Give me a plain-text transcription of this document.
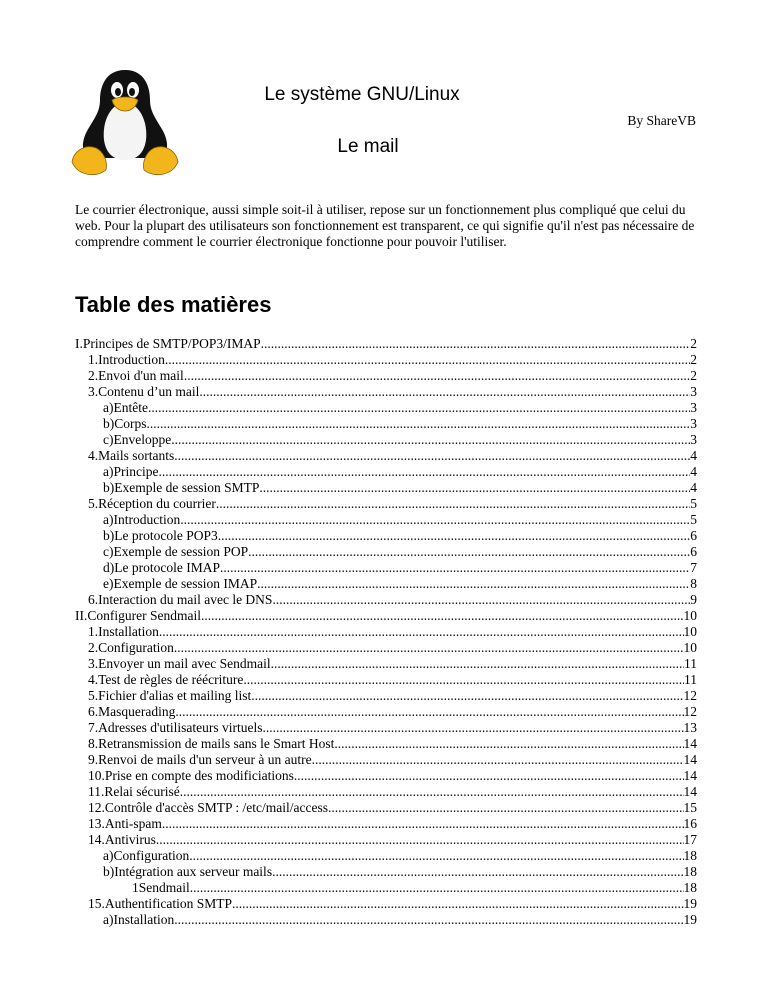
Le système GNU/Linux
By ShareVB
Le mail

Le courrier électronique, aussi simple soit-il à utiliser, repose sur un fonctionnement plus compliqué que celui du web. Pour la plupart des utilisateurs son fonctionnement est transparent, ce qui signifie qu'il n'est pas nécessaire de comprendre comment le courrier électronique fonctionne pour pouvoir l'utiliser.

Table des matières
I.Principes de SMTP/POP3/IMAP .....	2
1.Introduction .....	2
2.Envoi d'un mail .....	2
3.Contenu d’un mail .....	3
a)Entête .....	3
b)Corps .....	3
c)Enveloppe .....	3
4.Mails sortants .....	4
a)Principe .....	4
b)Exemple de session SMTP .....	4
5.Réception du courrier .....	5
a)Introduction .....	5
b)Le protocole POP3 .....	6
c)Exemple de session POP .....	6
d)Le protocole IMAP .....	7
e)Exemple de session IMAP .....	8
6.Interaction du mail avec le DNS .....	9
II.Configurer Sendmail .....	10
1.Installation .....	10
2.Configuration .....	10
3.Envoyer un mail avec Sendmail .....	11
4.Test de règles de réécriture .....	11
5.Fichier d'alias et mailing list .....	12
6.Masquerading .....	12
7.Adresses d'utilisateurs virtuels .....	13
8.Retransmission de mails sans le Smart Host .....	14
9.Renvoi de mails d'un serveur à un autre .....	14
10.Prise en compte des modificiations .....	14
11.Relai sécurisé .....	14
12.Contrôle d'accès SMTP : /etc/mail/access .....	15
13.Anti-spam .....	16
14.Antivirus .....	17
a)Configuration .....	18
b)Intégration aux serveur mails .....	18
1Sendmail .....	18
15.Authentification SMTP .....	19
a)Installation .....	19
